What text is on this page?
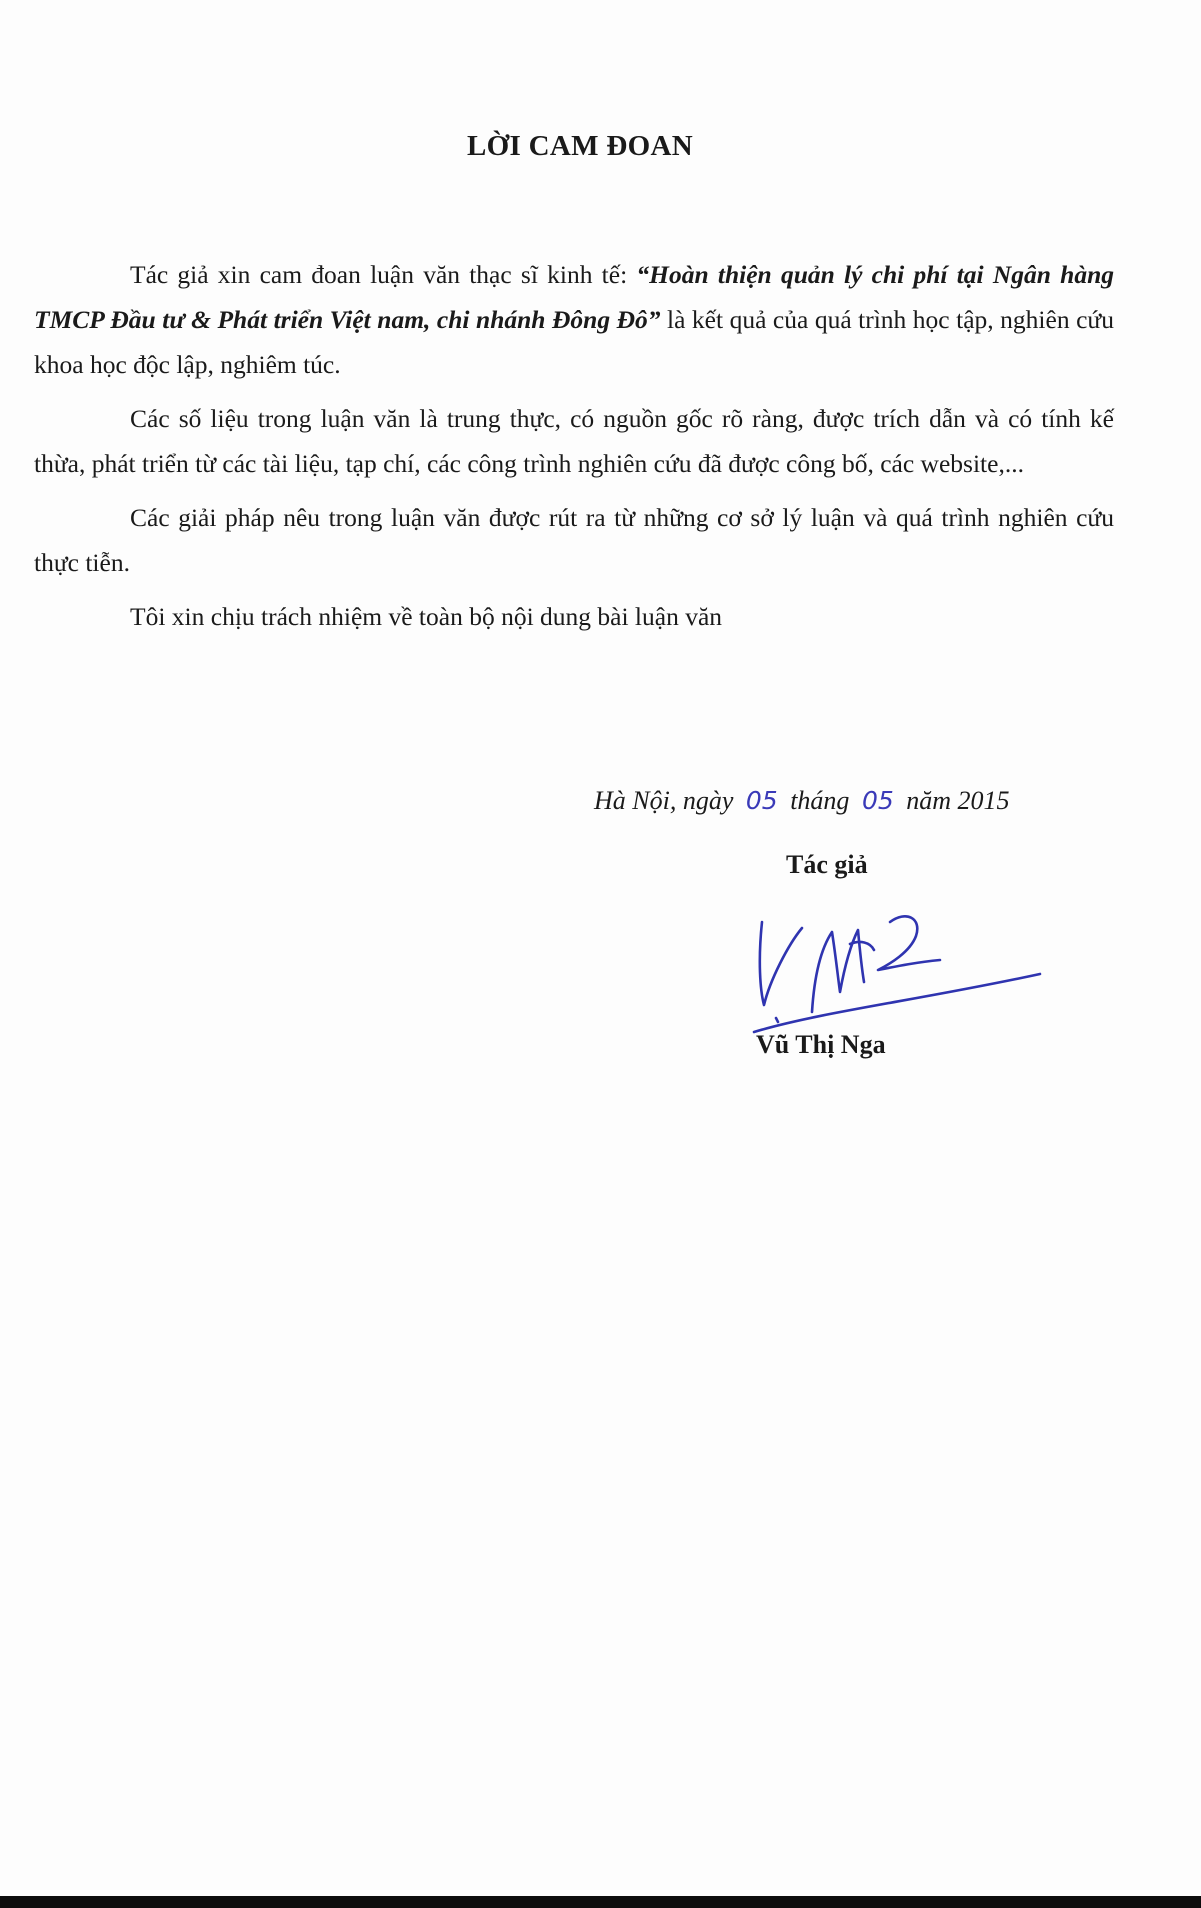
LỜI CAM ĐOAN

Tác giả xin cam đoan luận văn thạc sĩ kinh tế: “Hoàn thiện quản lý chi phí tại Ngân hàng TMCP Đầu tư & Phát triển Việt nam, chi nhánh Đông Đô” là kết quả của quá trình học tập, nghiên cứu khoa học độc lập, nghiêm túc.

Các số liệu trong luận văn là trung thực, có nguồn gốc rõ ràng, được trích dẫn và có tính kế thừa, phát triển từ các tài liệu, tạp chí, các công trình nghiên cứu đã được công bố, các website,...

Các giải pháp nêu trong luận văn được rút ra từ những cơ sở lý luận và quá trình nghiên cứu thực tiễn.

Tôi xin chịu trách nhiệm về toàn bộ nội dung bài luận văn

Hà Nội, ngày 05 tháng 05 năm 2015
Tác giả
Vũ Thị Nga
